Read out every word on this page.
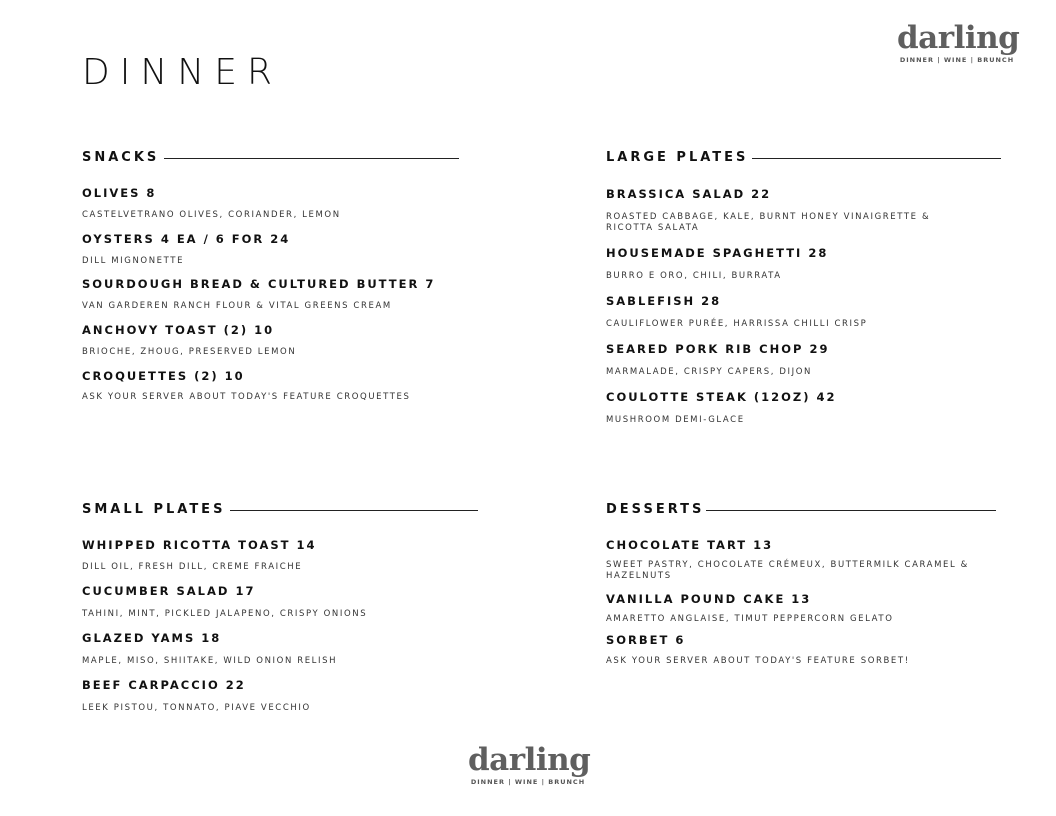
DINNER
darling
DINNER | WINE | BRUNCH
SNACKS
OLIVES 8
CASTELVETRANO OLIVES, CORIANDER, LEMON
OYSTERS 4 EA / 6 FOR 24
DILL MIGNONETTE
SOURDOUGH BREAD & CULTURED BUTTER 7
VAN GARDEREN RANCH FLOUR & VITAL GREENS CREAM
ANCHOVY TOAST (2) 10
BRIOCHE, ZHOUG, PRESERVED LEMON
CROQUETTES (2) 10
ASK YOUR SERVER ABOUT TODAY'S FEATURE CROQUETTES
LARGE PLATES
BRASSICA SALAD 22
ROASTED CABBAGE, KALE, BURNT HONEY VINAIGRETTE & RICOTTA SALATA
HOUSEMADE SPAGHETTI 28
BURRO E ORO, CHILI, BURRATA
SABLEFISH 28
CAULIFLOWER PURÉE, HARRISSA CHILLI CRISP
SEARED PORK RIB CHOP 29
MARMALADE, CRISPY CAPERS, DIJON
COULOTTE STEAK (12OZ) 42
MUSHROOM DEMI-GLACE
SMALL PLATES
WHIPPED RICOTTA TOAST 14
DILL OIL, FRESH DILL, CREME FRAICHE
CUCUMBER SALAD 17
TAHINI, MINT, PICKLED JALAPENO, CRISPY ONIONS
GLAZED YAMS 18
MAPLE, MISO, SHIITAKE, WILD ONION RELISH
BEEF CARPACCIO 22
LEEK PISTOU, TONNATO, PIAVE VECCHIO
DESSERTS
CHOCOLATE TART 13
SWEET PASTRY, CHOCOLATE CRÉMEUX, BUTTERMILK CARAMEL & HAZELNUTS
VANILLA POUND CAKE 13
AMARETTO ANGLAISE, TIMUT PEPPERCORN GELATO
SORBET 6
ASK YOUR SERVER ABOUT TODAY'S FEATURE SORBET!
darling
DINNER | WINE | BRUNCH
